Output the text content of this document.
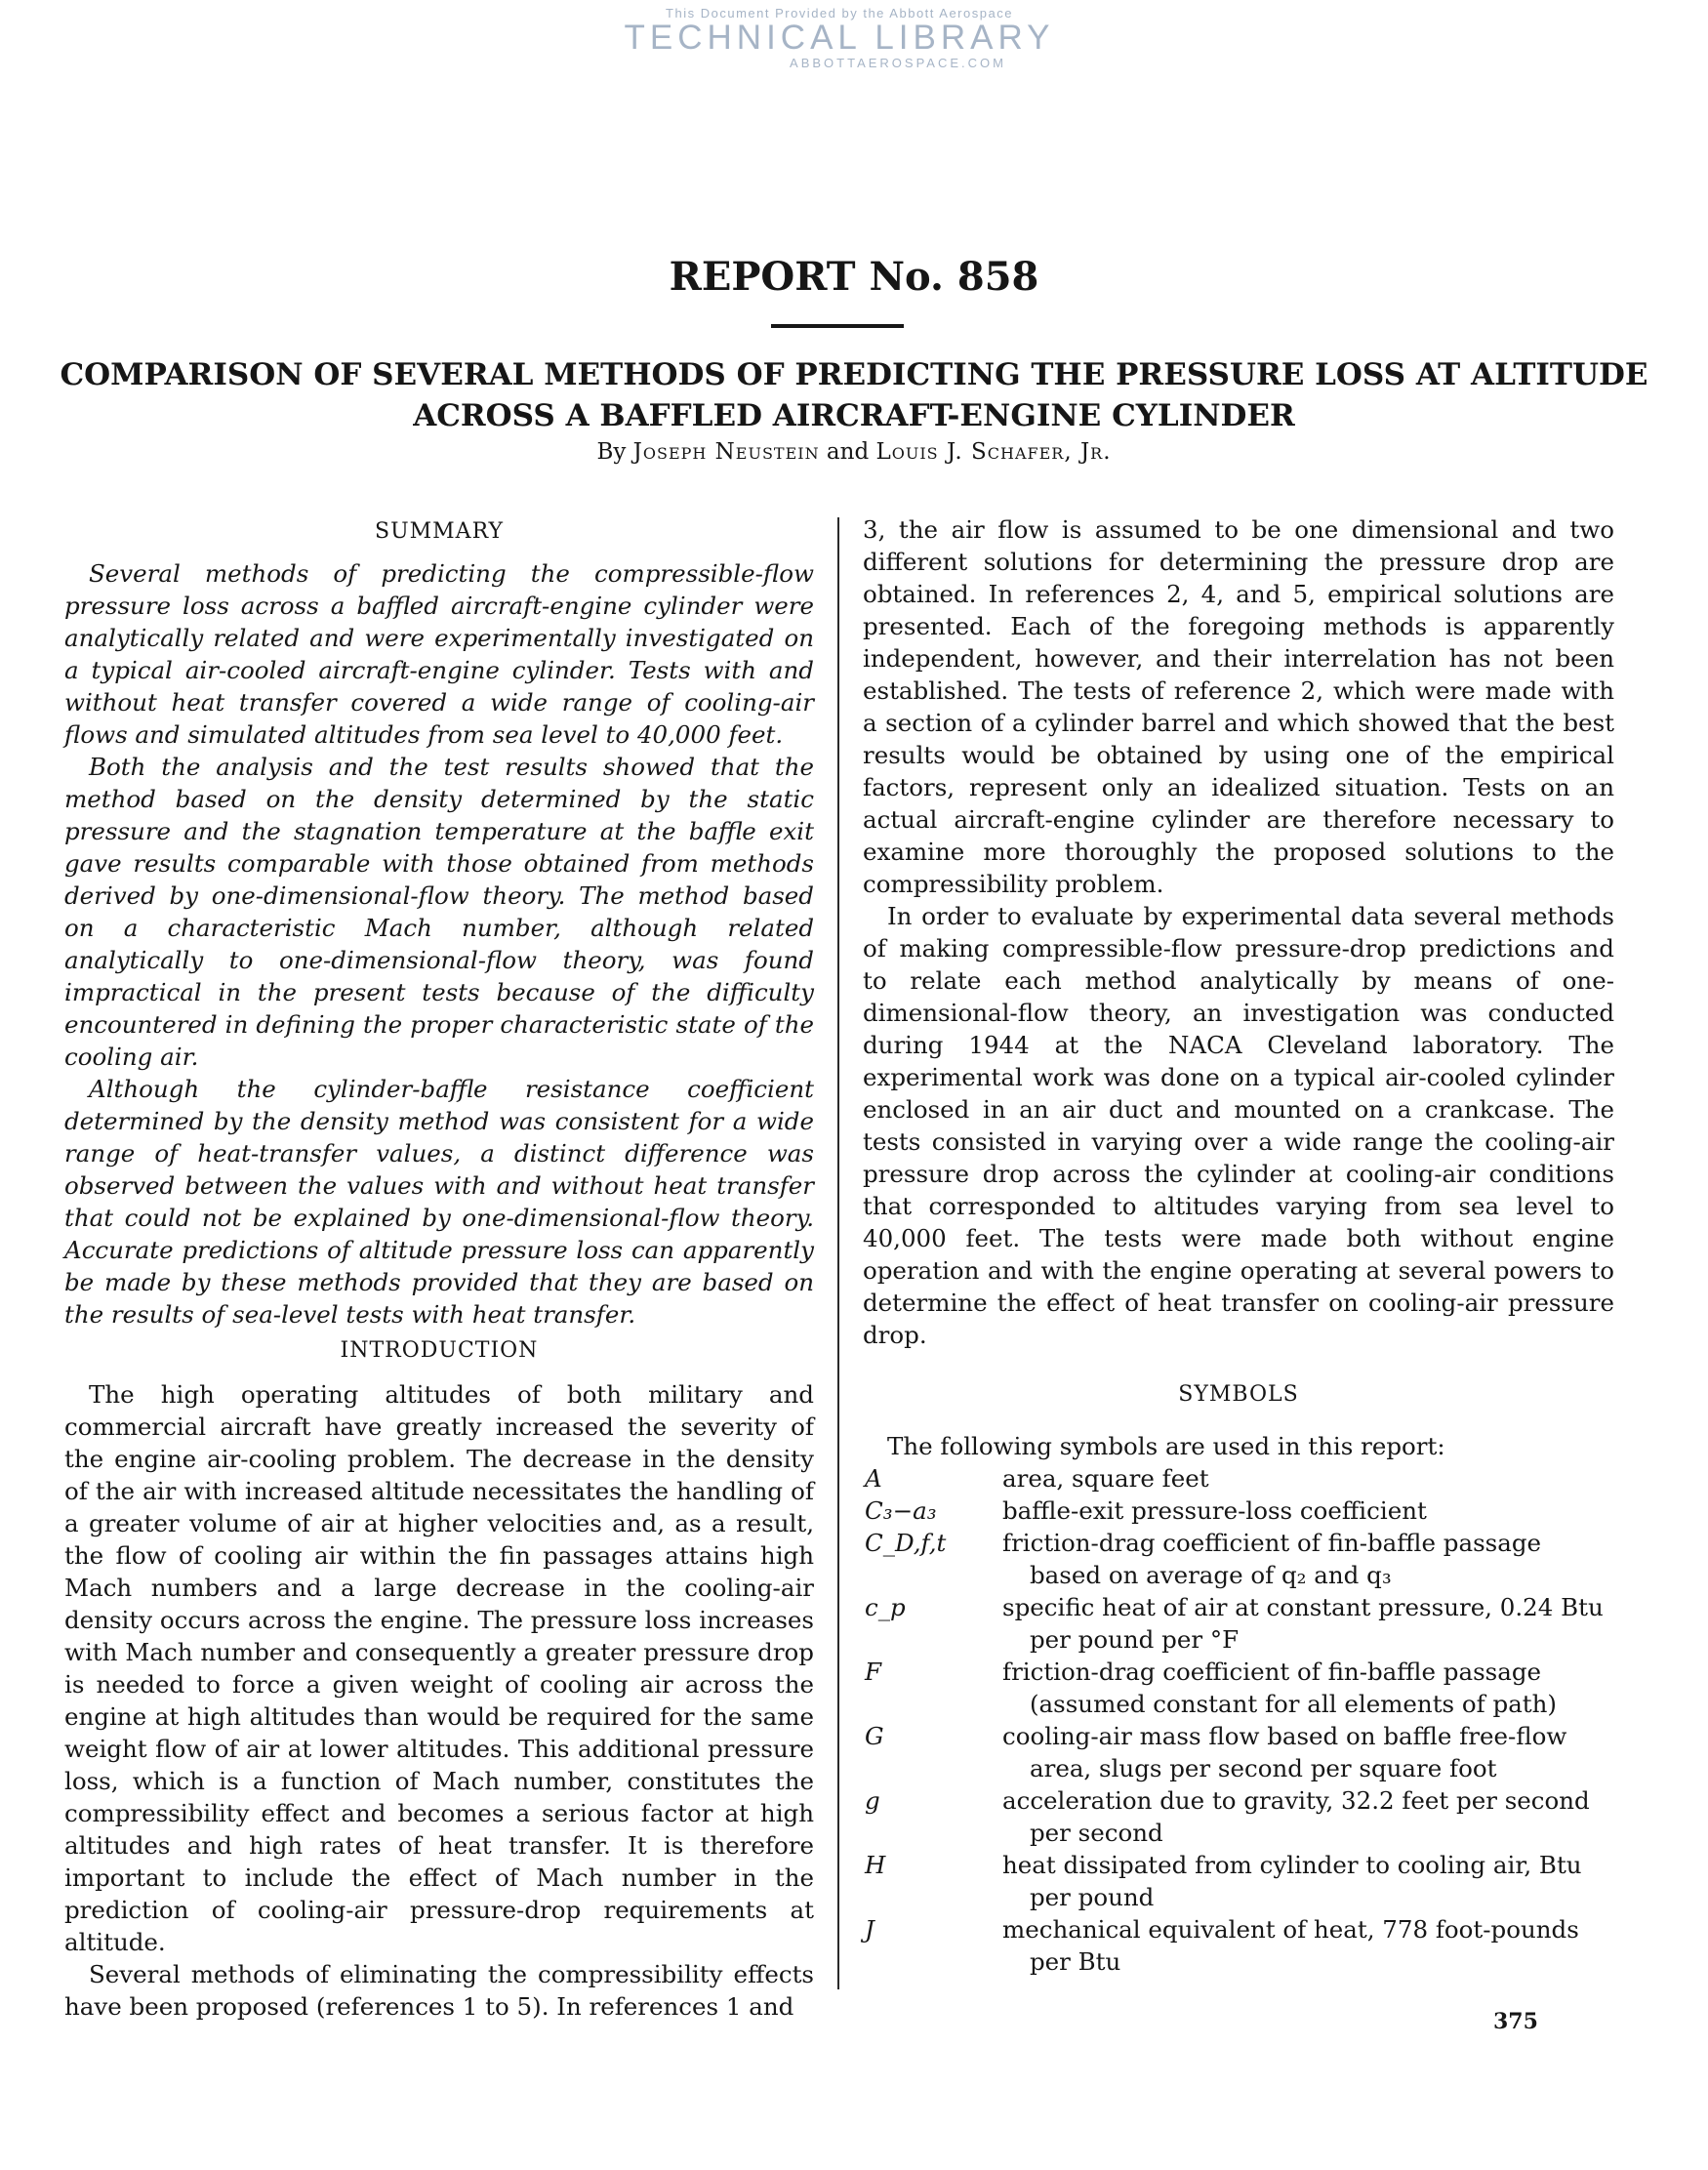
This Document Provided by the Abbott Aerospace
TECHNICAL LIBRARY
ABBOTTAEROSPACE.COM
REPORT No. 858
COMPARISON OF SEVERAL METHODS OF PREDICTING THE PRESSURE LOSS AT ALTITUDE ACROSS A BAFFLED AIRCRAFT-ENGINE CYLINDER
By Joseph Neustein and Louis J. Schafer, Jr.
SUMMARY

Several methods of predicting the compressible-flow pressure loss across a baffled aircraft-engine cylinder were analytically related and were experimentally investigated on a typical air-cooled aircraft-engine cylinder. Tests with and without heat transfer covered a wide range of cooling-air flows and simulated altitudes from sea level to 40,000 feet.

Both the analysis and the test results showed that the method based on the density determined by the static pressure and the stagnation temperature at the baffle exit gave results comparable with those obtained from methods derived by one-dimensional-flow theory. The method based on a characteristic Mach number, although related analytically to one-dimensional-flow theory, was found impractical in the present tests because of the difficulty encountered in defining the proper characteristic state of the cooling air.

Although the cylinder-baffle resistance coefficient determined by the density method was consistent for a wide range of heat-transfer values, a distinct difference was observed between the values with and without heat transfer that could not be explained by one-dimensional-flow theory. Accurate predictions of altitude pressure loss can apparently be made by these methods provided that they are based on the results of sea-level tests with heat transfer.

INTRODUCTION

The high operating altitudes of both military and commercial aircraft have greatly increased the severity of the engine air-cooling problem. The decrease in the density of the air with increased altitude necessitates the handling of a greater volume of air at higher velocities and, as a result, the flow of cooling air within the fin passages attains high Mach numbers and a large decrease in the cooling-air density occurs across the engine. The pressure loss increases with Mach number and consequently a greater pressure drop is needed to force a given weight of cooling air across the engine at high altitudes than would be required for the same weight flow of air at lower altitudes. This additional pressure loss, which is a function of Mach number, constitutes the compressibility effect and becomes a serious factor at high altitudes and high rates of heat transfer. It is therefore important to include the effect of Mach number in the prediction of cooling-air pressure-drop requirements at altitude.

Several methods of eliminating the compressibility effects have been proposed (references 1 to 5). In references 1 and

3, the air flow is assumed to be one dimensional and two different solutions for determining the pressure drop are obtained. In references 2, 4, and 5, empirical solutions are presented. Each of the foregoing methods is apparently independent, however, and their interrelation has not been established. The tests of reference 2, which were made with a section of a cylinder barrel and which showed that the best results would be obtained by using one of the empirical factors, represent only an idealized situation. Tests on an actual aircraft-engine cylinder are therefore necessary to examine more thoroughly the proposed solutions to the compressibility problem.

In order to evaluate by experimental data several methods of making compressible-flow pressure-drop predictions and to relate each method analytically by means of one-dimensional-flow theory, an investigation was conducted during 1944 at the NACA Cleveland laboratory. The experimental work was done on a typical air-cooled cylinder enclosed in an air duct and mounted on a crankcase. The tests consisted in varying over a wide range the cooling-air pressure drop across the cylinder at cooling-air conditions that corresponded to altitudes varying from sea level to 40,000 feet. The tests were made both without engine operation and with the engine operating at several powers to determine the effect of heat transfer on cooling-air pressure drop.

SYMBOLS

The following symbols are used in this report:

A	area, square feet
C₃−a₃	baffle-exit pressure-loss coefficient
C_D,f,t	friction-drag coefficient of fin-baffle passage based on average of q₂ and q₃
c_p	specific heat of air at constant pressure, 0.24 Btu per pound per °F
F	friction-drag coefficient of fin-baffle passage (assumed constant for all elements of path)
G	cooling-air mass flow based on baffle free-flow area, slugs per second per square foot
g	acceleration due to gravity, 32.2 feet per second per second
H	heat dissipated from cylinder to cooling air, Btu per pound
J	mechanical equivalent of heat, 778 foot-pounds per Btu
375
